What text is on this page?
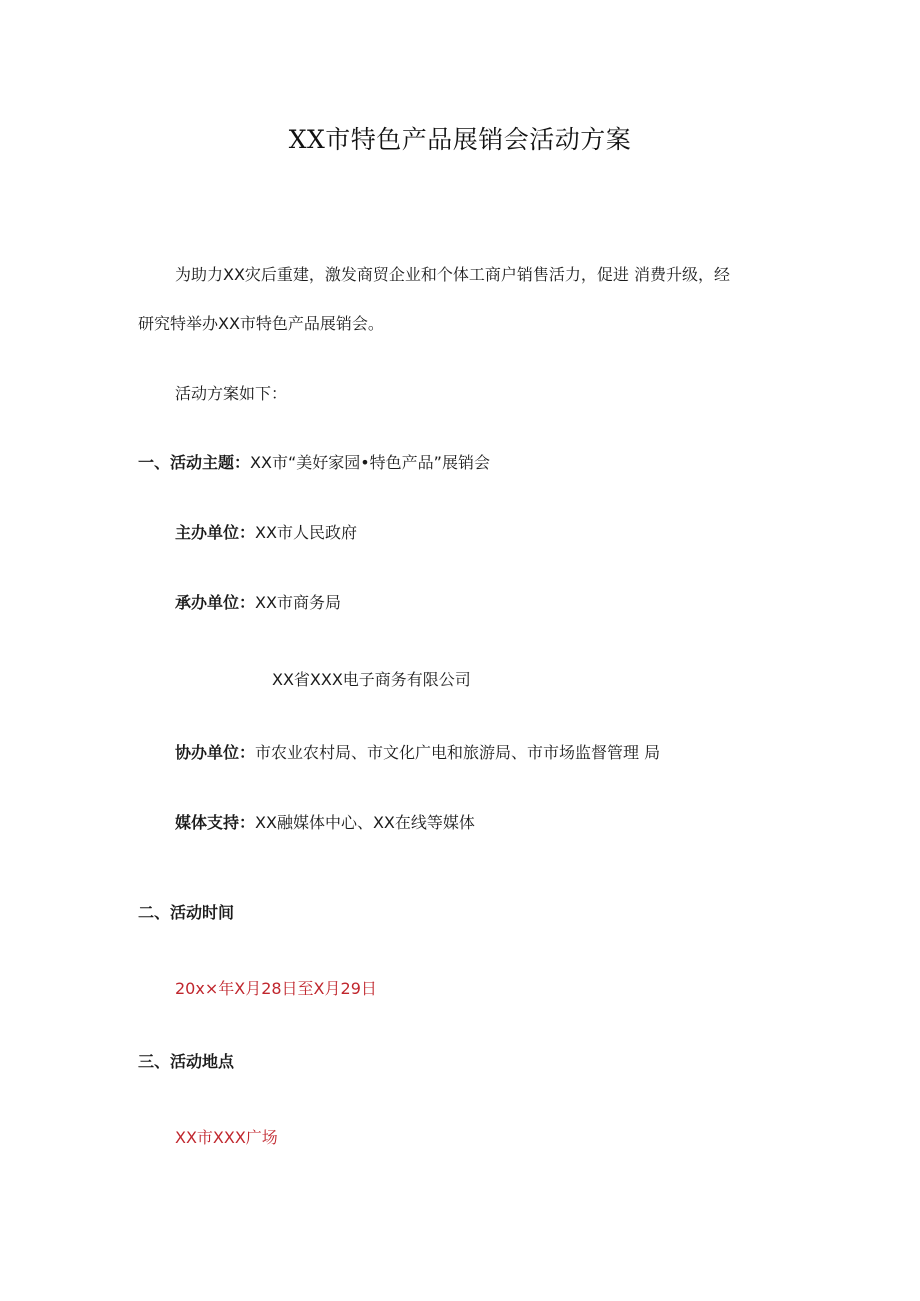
XX市特色产品展销会活动方案
为助力XX灾后重建，激发商贸企业和个体工商户销售活力，促进 消费升级，经
研究特举办XX市特色产品展销会。
活动方案如下：
一、活动主题：XX市“美好家园•特色产品”展销会
主办单位：XX市人民政府
承办单位：XX市商务局
XX省XXX电子商务有限公司
协办单位：市农业农村局、市文化广电和旅游局、市市场监督管理 局
媒体支持：XX融媒体中心、XX在线等媒体
二、活动时间
20x×年X月28日至X月29日
三、活动地点
XX市XXX广场
